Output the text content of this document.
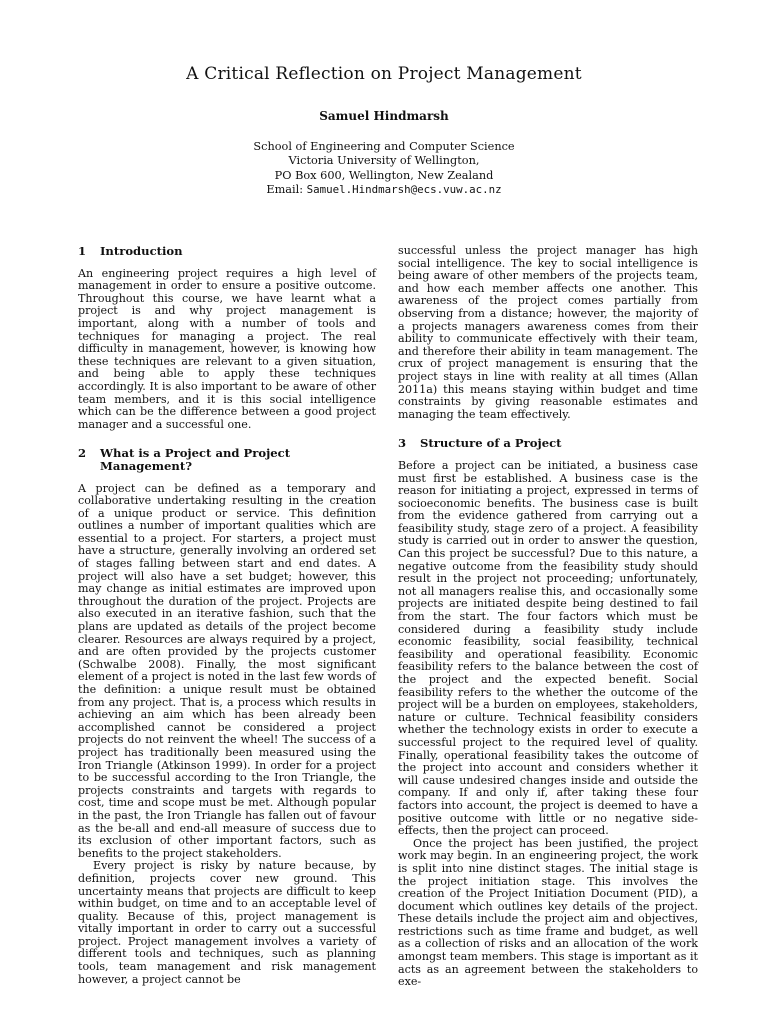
A Critical Reflection on Project Management
Samuel Hindmarsh
School of Engineering and Computer Science
Victoria University of Wellington,
PO Box 600, Wellington, New Zealand
Email: Samuel.Hindmarsh@ecs.vuw.ac.nz
1	Introduction

An engineering project requires a high level of management in order to ensure a positive outcome. Throughout this course, we have learnt what a project is and why project management is important, along with a number of tools and techniques for managing a project. The real difficulty in management, however, is knowing how these techniques are relevant to a given situation, and being able to apply these techniques accordingly. It is also important to be aware of other team members, and it is this social intelligence which can be the difference between a good project manager and a successful one.

2	What is a Project and Project Management?

A project can be defined as a temporary and collaborative undertaking resulting in the creation of a unique product or service. This definition outlines a number of important qualities which are essential to a project. For starters, a project must have a structure, generally involving an ordered set of stages falling between start and end dates. A project will also have a set budget; however, this may change as initial estimates are improved upon throughout the duration of the project. Projects are also executed in an iterative fashion, such that the plans are updated as details of the project become clearer. Resources are always required by a project, and are often provided by the projects customer (Schwalbe 2008). Finally, the most significant element of a project is noted in the last few words of the definition: a unique result must be obtained from any project. That is, a process which results in achieving an aim which has been already been accomplished cannot be considered a project projects do not reinvent the wheel! The success of a project has traditionally been measured using the Iron Triangle (Atkinson 1999). In order for a project to be successful according to the Iron Triangle, the projects constraints and targets with regards to cost, time and scope must be met. Although popular in the past, the Iron Triangle has fallen out of favour as the be-all and end-all measure of success due to its exclusion of other important factors, such as benefits to the project stakeholders.

Every project is risky by nature because, by definition, projects cover new ground. This uncertainty means that projects are difficult to keep within budget, on time and to an acceptable level of quality. Because of this, project management is vitally important in order to carry out a successful project. Project management involves a variety of different tools and techniques, such as planning tools, team management and risk management however, a project cannot be

successful unless the project manager has high social intelligence. The key to social intelligence is being aware of other members of the projects team, and how each member affects one another. This awareness of the project comes partially from observing from a distance; however, the majority of a projects managers awareness comes from their ability to communicate effectively with their team, and therefore their ability in team management. The crux of project management is ensuring that the project stays in line with reality at all times (Allan 2011a) this means staying within budget and time constraints by giving reasonable estimates and managing the team effectively.

3	Structure of a Project

Before a project can be initiated, a business case must first be established. A business case is the reason for initiating a project, expressed in terms of socioeconomic benefits. The business case is built from the evidence gathered from carrying out a feasibility study, stage zero of a project. A feasibility study is carried out in order to answer the question, Can this project be successful? Due to this nature, a negative outcome from the feasibility study should result in the project not proceeding; unfortunately, not all managers realise this, and occasionally some projects are initiated despite being destined to fail from the start. The four factors which must be considered during a feasibility study include economic feasibility, social feasibility, technical feasibility and operational feasibility. Economic feasibility refers to the balance between the cost of the project and the expected benefit. Social feasibility refers to the whether the outcome of the project will be a burden on employees, stakeholders, nature or culture. Technical feasibility considers whether the technology exists in order to execute a successful project to the required level of quality. Finally, operational feasibility takes the outcome of the project into account and considers whether it will cause undesired changes inside and outside the company. If and only if, after taking these four factors into account, the project is deemed to have a positive outcome with little or no negative side-effects, then the project can proceed.

Once the project has been justified, the project work may begin. In an engineering project, the work is split into nine distinct stages. The initial stage is the project initiation stage. This involves the creation of the Project Initiation Document (PID), a document which outlines key details of the project. These details include the project aim and objectives, restrictions such as time frame and budget, as well as a collection of risks and an allocation of the work amongst team members. This stage is important as it acts as an agreement between the stakeholders to exe-
